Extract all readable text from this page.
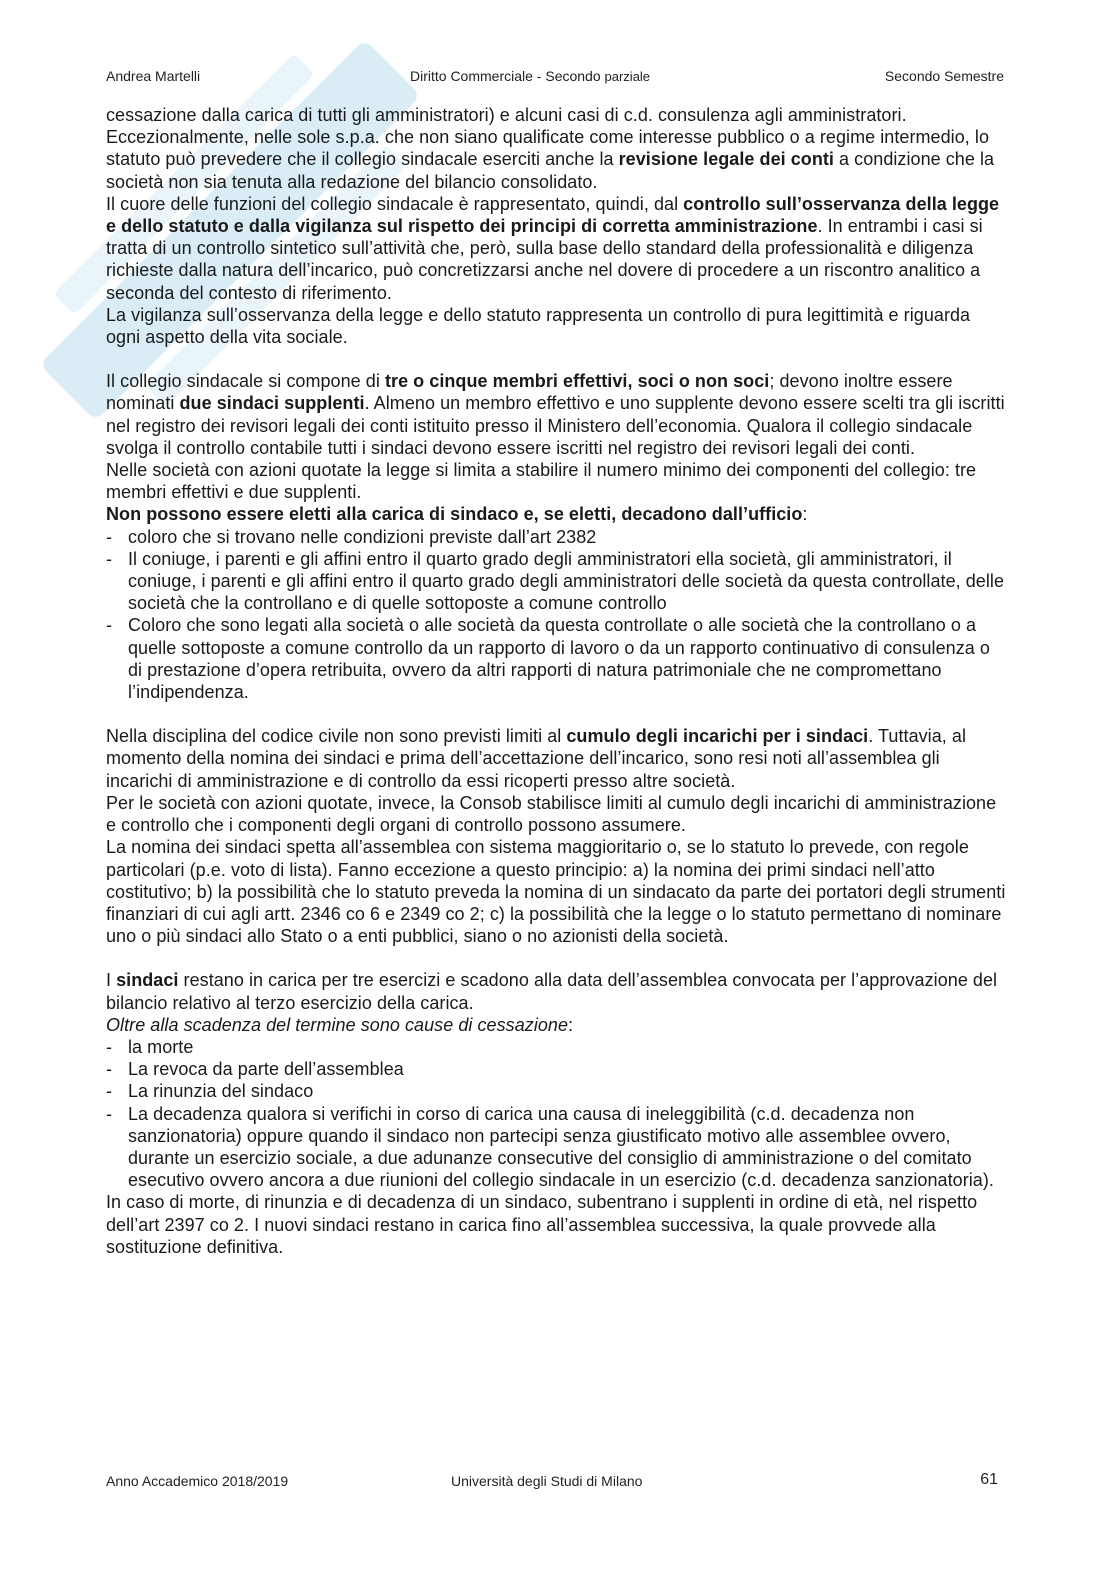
Andrea Martelli	Diritto Commerciale - Secondo parziale	Secondo Semestre

cessazione dalla carica di tutti gli amministratori) e alcuni casi di c.d. consulenza agli amministratori.

Eccezionalmente, nelle sole s.p.a. che non siano qualificate come interesse pubblico o a regime intermedio, lo statuto può prevedere che il collegio sindacale eserciti anche la revisione legale dei conti a condizione che la società non sia tenuta alla redazione del bilancio consolidato.

Il cuore delle funzioni del collegio sindacale è rappresentato, quindi, dal controllo sull’osservanza della legge e dello statuto e dalla vigilanza sul rispetto dei principi di corretta amministrazione. In entrambi i casi si tratta di un controllo sintetico sull’attività che, però, sulla base dello standard della professionalità e diligenza richieste dalla natura dell’incarico, può concretizzarsi anche nel dovere di procedere a un riscontro analitico a seconda del contesto di riferimento.

La vigilanza sull’osservanza della legge e dello statuto rappresenta un controllo di pura legittimità e riguarda ogni aspetto della vita sociale.

Il collegio sindacale si compone di tre o cinque membri effettivi, soci o non soci; devono inoltre essere nominati due sindaci supplenti. Almeno un membro effettivo e uno supplente devono essere scelti tra gli iscritti nel registro dei revisori legali dei conti istituito presso il Ministero dell’economia. Qualora il collegio sindacale svolga il controllo contabile tutti i sindaci devono essere iscritti nel registro dei revisori legali dei conti.

Nelle società con azioni quotate la legge si limita a stabilire il numero minimo dei componenti del collegio: tre membri effettivi e due supplenti.

Non possono essere eletti alla carica di sindaco e, se eletti, decadono dall’ufficio:

- coloro che si trovano nelle condizioni previste dall’art 2382
- Il coniuge, i parenti e gli affini entro il quarto grado degli amministratori ella società, gli amministratori, il coniuge, i parenti e gli affini entro il quarto grado degli amministratori delle società da questa controllate, delle società che la controllano e di quelle sottoposte a comune controllo
- Coloro che sono legati alla società o alle società da questa controllate o alle società che la controllano o a quelle sottoposte a comune controllo da un rapporto di lavoro o da un rapporto continuativo di consulenza o di prestazione d’opera retribuita, ovvero da altri rapporti di natura patrimoniale che ne compromettano l’indipendenza.

Nella disciplina del codice civile non sono previsti limiti al cumulo degli incarichi per i sindaci. Tuttavia, al momento della nomina dei sindaci e prima dell’accettazione dell’incarico, sono resi noti all’assemblea gli incarichi di amministrazione e di controllo da essi ricoperti presso altre società.

Per le società con azioni quotate, invece, la Consob stabilisce limiti al cumulo degli incarichi di amministrazione e controllo che i componenti degli organi di controllo possono assumere.

La nomina dei sindaci spetta all’assemblea con sistema maggioritario o, se lo statuto lo prevede, con regole particolari (p.e. voto di lista). Fanno eccezione a questo principio: a) la nomina dei primi sindaci nell’atto costitutivo; b) la possibilità che lo statuto preveda la nomina di un sindacato da parte dei portatori degli strumenti finanziari di cui agli artt. 2346 co 6 e 2349 co 2; c) la possibilità che la legge o lo statuto permettano di nominare uno o più sindaci allo Stato o a enti pubblici, siano o no azionisti della società.

I sindaci restano in carica per tre esercizi e scadono alla data dell’assemblea convocata per l’approvazione del bilancio relativo al terzo esercizio della carica.

Oltre alla scadenza del termine sono cause di cessazione:

- la morte
- La revoca da parte dell’assemblea
- La rinunzia del sindaco
- La decadenza qualora si verifichi in corso di carica una causa di ineleggibilità (c.d. decadenza non sanzionatoria) oppure quando il sindaco non partecipi senza giustificato motivo alle assemblee ovvero, durante un esercizio sociale, a due adunanze consecutive del consiglio di amministrazione o del comitato esecutivo ovvero ancora a due riunioni del collegio sindacale in un esercizio (c.d. decadenza sanzionatoria).

In caso di morte, di rinunzia e di decadenza di un sindaco, subentrano i supplenti in ordine di età, nel rispetto dell’art 2397 co 2. I nuovi sindaci restano in carica fino all’assemblea successiva, la quale provvede alla sostituzione definitiva.

Anno Accademico 2018/2019	Università degli Studi di Milano	61
